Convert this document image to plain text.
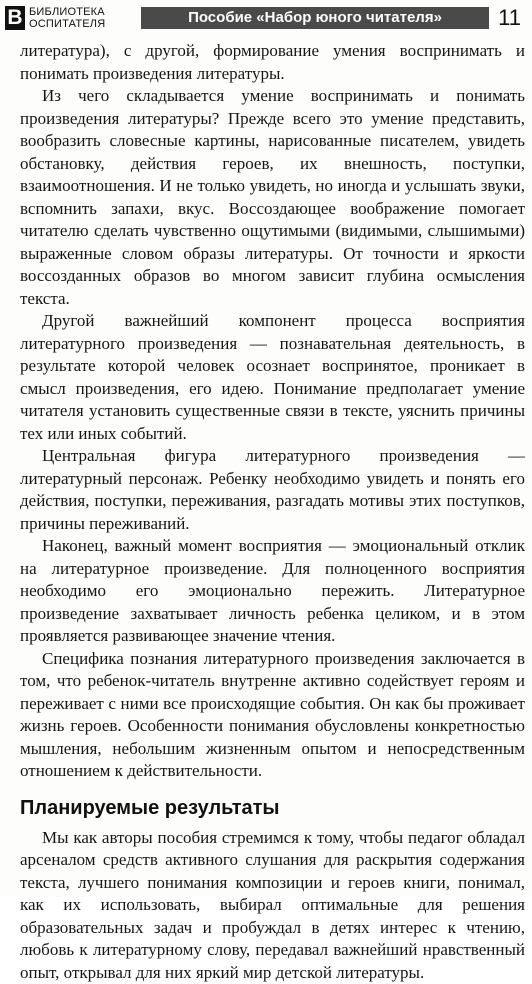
В БИБЛИОТЕКА
ОСПИТАТЕЛЯ	Пособие «Набор юного читателя»	11

литература), с другой, формирование умения воспринимать и понимать произведения литературы.

Из чего складывается умение воспринимать и понимать произведения литературы? Прежде всего это умение представить, вообразить словесные картины, нарисованные писателем, увидеть обстановку, действия героев, их внешность, поступки, взаимоотношения. И не только увидеть, но иногда и услышать звуки, вспомнить запахи, вкус. Воссоздающее воображение помогает читателю сделать чувственно ощутимыми (видимыми, слышимыми) выраженные словом образы литературы. От точности и яркости воссозданных образов во многом зависит глубина осмысления текста.

Другой важнейший компонент процесса восприятия литературного произведения — познавательная деятельность, в результате которой человек осознает воспринятое, проникает в смысл произведения, его идею. Понимание предполагает умение читателя установить существенные связи в тексте, уяснить причины тех или иных событий.

Центральная фигура литературного произведения — литературный персонаж. Ребенку необходимо увидеть и понять его действия, поступки, переживания, разгадать мотивы этих поступков, причины переживаний.

Наконец, важный момент восприятия — эмоциональный отклик на литературное произведение. Для полноценного восприятия необходимо его эмоционально пережить. Литературное произведение захватывает личность ребенка целиком, и в этом проявляется развивающее значение чтения.

Специфика познания литературного произведения заключается в том, что ребенок-читатель внутренне активно содействует героям и переживает с ними все происходящие события. Он как бы проживает жизнь героев. Особенности понимания обусловлены конкретностью мышления, небольшим жизненным опытом и непосредственным отношением к действительности.

Планируемые результаты

Мы как авторы пособия стремимся к тому, чтобы педагог обладал арсеналом средств активного слушания для раскрытия содержания текста, лучшего понимания композиции и героев книги, понимал, как их использовать, выбирал оптимальные для решения образовательных задач и пробуждал в детях интерес к чтению, любовь к литературному слову, передавал важнейший нравственный опыт, открывал для них яркий мир детской литературы.
